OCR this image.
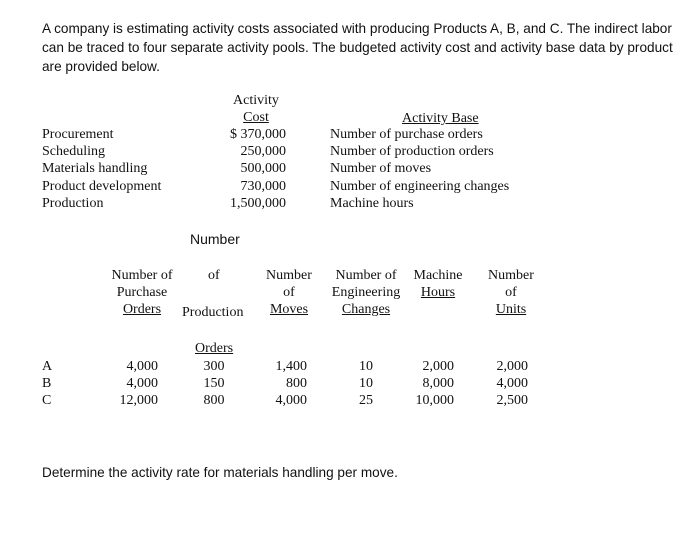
A company is estimating activity costs associated with producing Products A, B, and C. The indirect labor can be traced to four separate activity pools. The budgeted activity cost and activity base data by product are provided below.
Activity
Cost	Activity Base
Procurement
Scheduling
Materials handling
Product development
Production
$ 370,000
250,000
500,000
730,000
1,500,000
Number of purchase orders
Number of production orders
Number of moves
Number of engineering changes
Machine hours
Number
Number of
Purchase
Orders
of
Production
Orders
Number
of
Moves
Number of
Engineering
Changes
Machine
Hours
Number
of
Units
A
B
C
4,000
4,000
12,000
300
150
800
1,400
800
4,000
10
10
25
2,000
8,000
10,000
2,000
4,000
2,500
Determine the activity rate for materials handling per move.
